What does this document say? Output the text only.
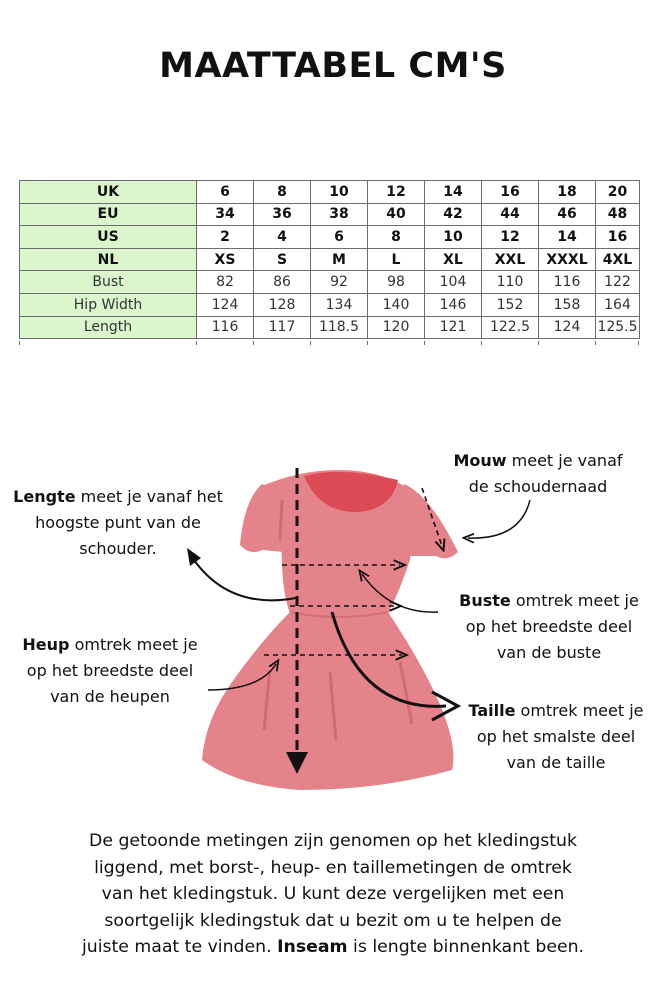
MAATTABEL CM'S
UK	6	8	10	12	14	16	18	20
EU	34	36	38	40	42	44	46	48
US	2	4	6	8	10	12	14	16
NL	XS	S	M	L	XL	XXL	XXXL	4XL
Bust	82	86	92	98	104	110	116	122
Hip Width	124	128	134	140	146	152	158	164
Length	116	117	118.5	120	121	122.5	124	125.5
Lengte meet je vanaf het
hoogste punt van de
schouder.
Mouw meet je vanaf
de schoudernaad
Buste omtrek meet je
op het breedste deel
van de buste
Heup omtrek meet je
op het breedste deel
van de heupen
Taille omtrek meet je
op het smalste deel
van de taille
De getoonde metingen zijn genomen op het kledingstuk
liggend, met borst-, heup- en taillemetingen de omtrek
van het kledingstuk. U kunt deze vergelijken met een
soortgelijk kledingstuk dat u bezit om u te helpen de
juiste maat te vinden. Inseam is lengte binnenkant been.
